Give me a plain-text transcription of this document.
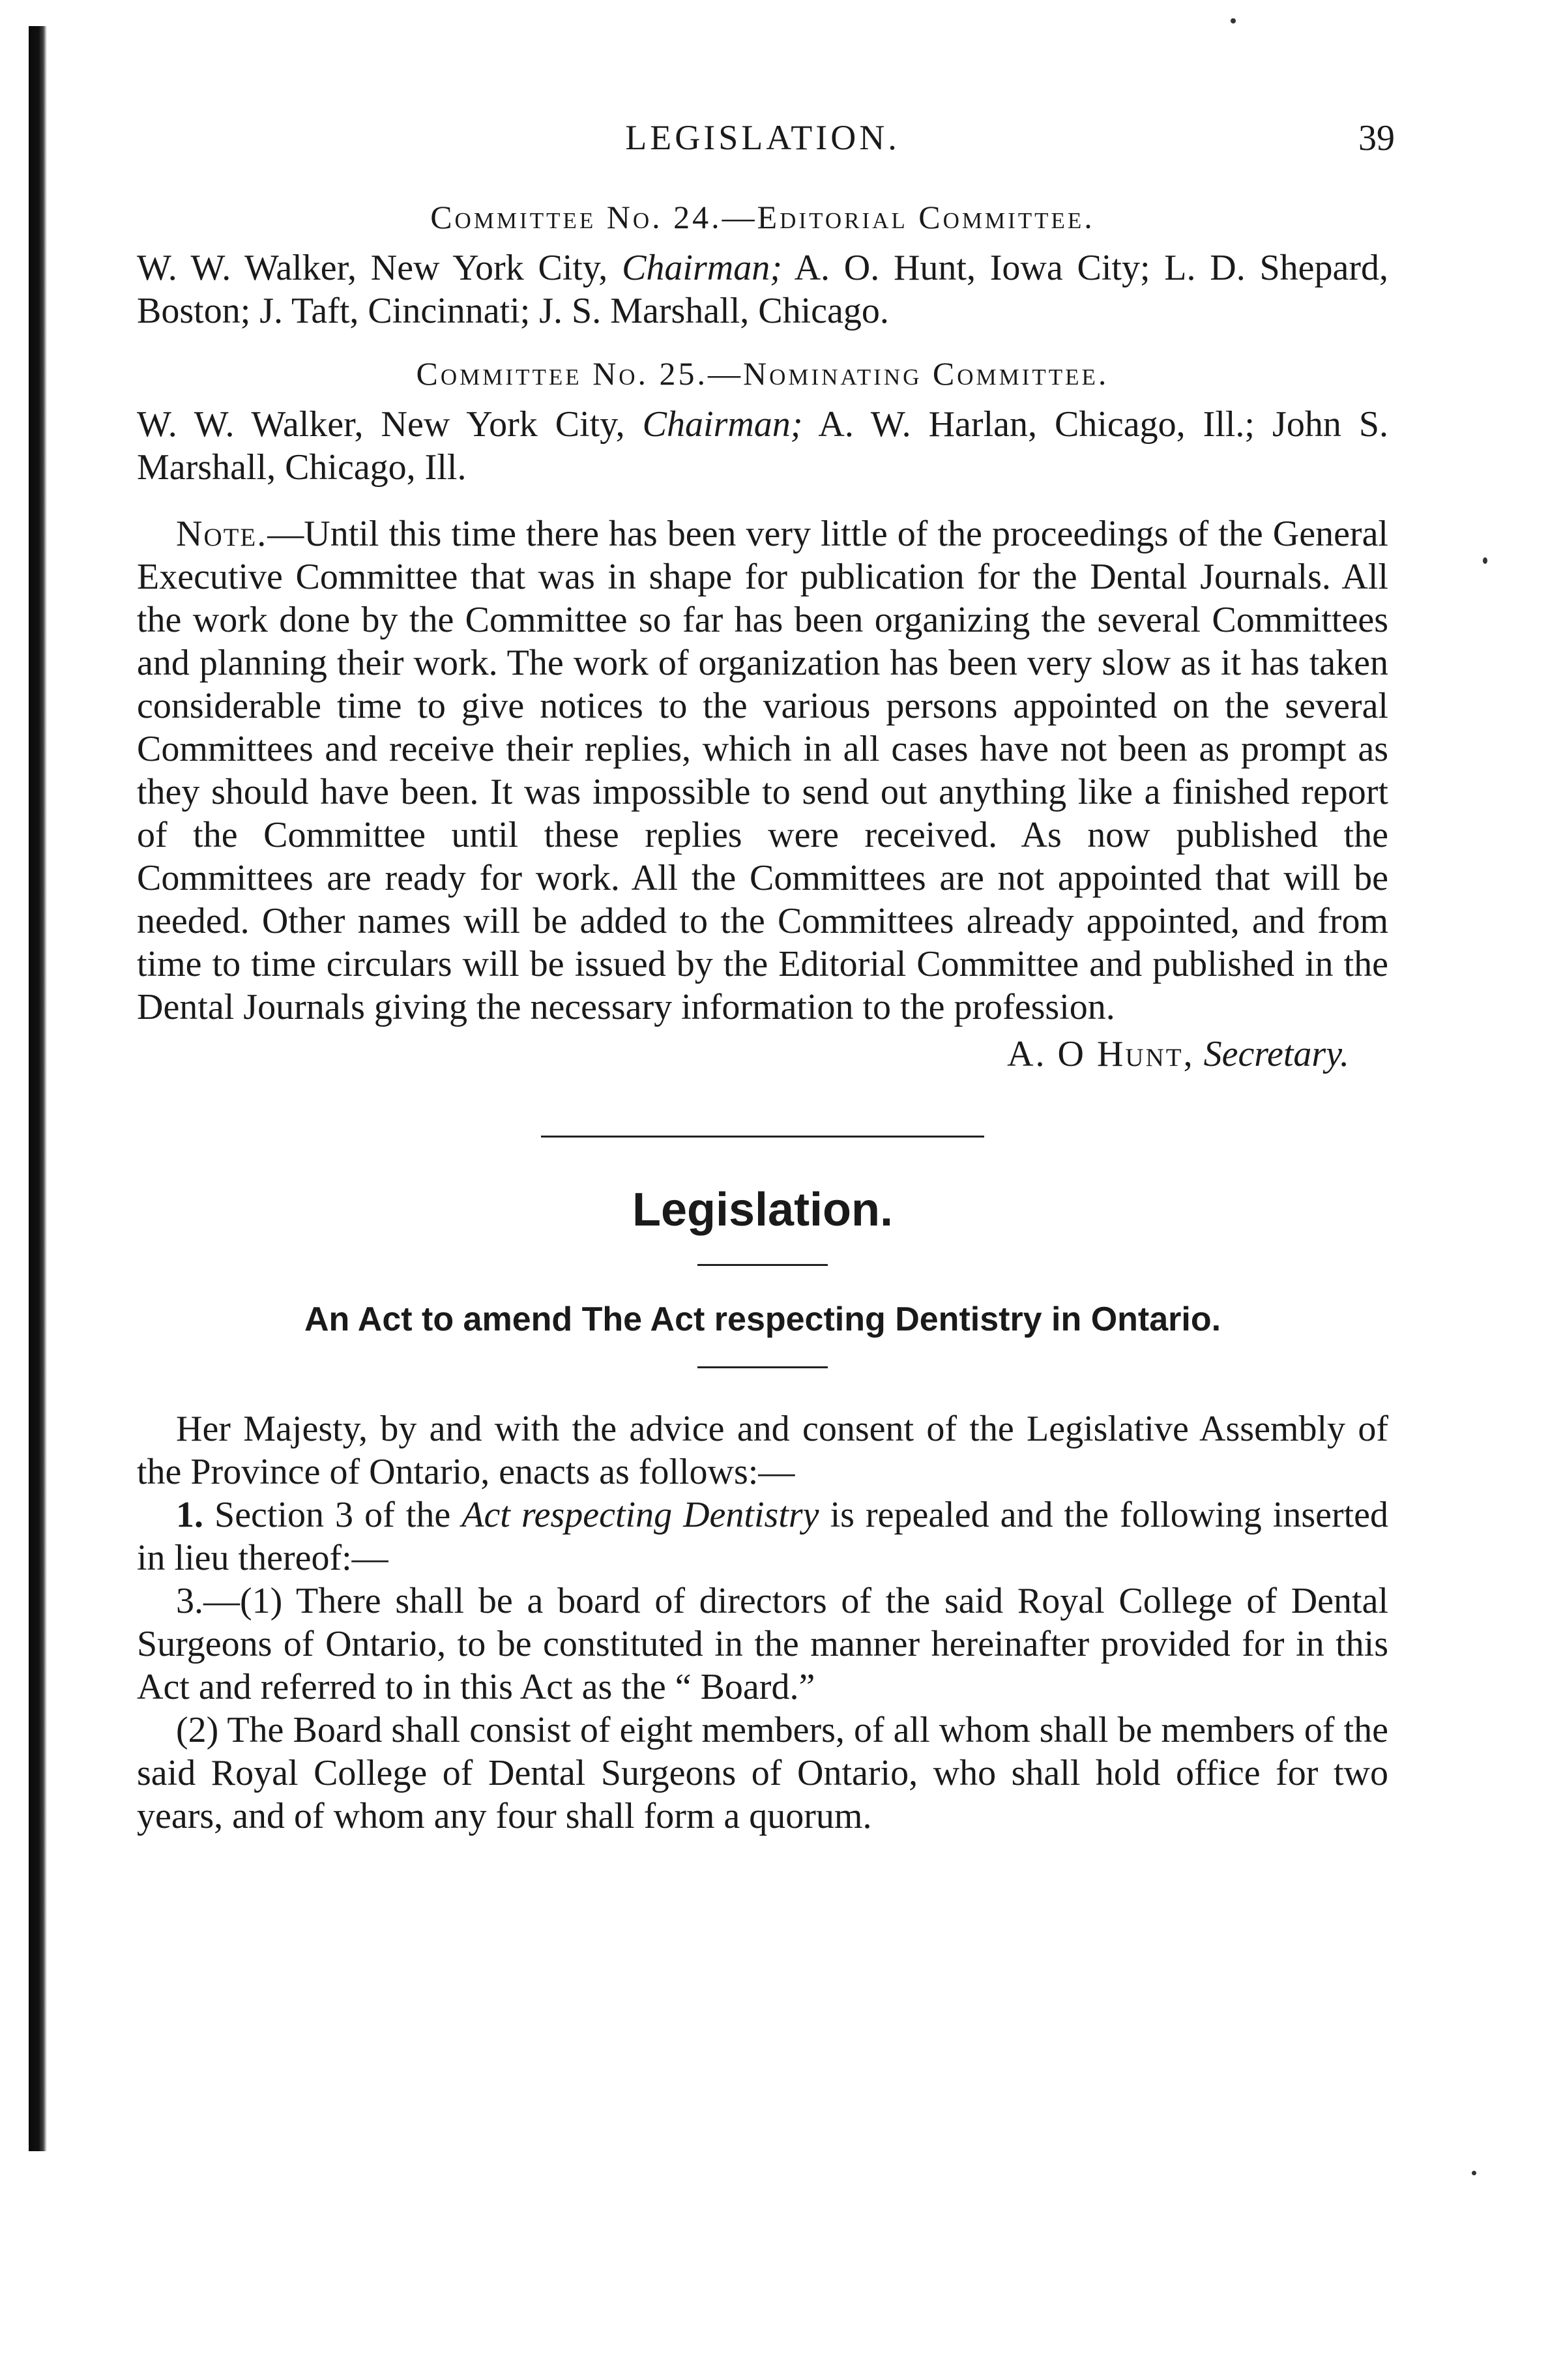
LEGISLATION.	39
Committee No. 24.—Editorial Committee.

W. W. Walker, New York City, Chairman; A. O. Hunt, Iowa City; L. D. Shepard, Boston; J. Taft, Cincinnati; J. S. Marshall, Chicago.

Committee No. 25.—Nominating Committee.

W. W. Walker, New York City, Chairman; A. W. Harlan, Chicago, Ill.; John S. Marshall, Chicago, Ill.

Note.—Until this time there has been very little of the proceedings of the General Executive Committee that was in shape for publication for the Dental Journals. All the work done by the Committee so far has been organizing the several Committees and planning their work. The work of organization has been very slow as it has taken considerable time to give notices to the various persons appointed on the several Committees and receive their replies, which in all cases have not been as prompt as they should have been. It was impossible to send out anything like a finished report of the Committee until these replies were received. As now published the Committees are ready for work. All the Committees are not appointed that will be needed. Other names will be added to the Committees already appointed, and from time to time circulars will be issued by the Editorial Committee and published in the Dental Journals giving the necessary information to the profession.

A. O Hunt, Secretary.
Legislation.
An Act to amend The Act respecting Dentistry in Ontario.

Her Majesty, by and with the advice and consent of the Legislative Assembly of the Province of Ontario, enacts as follows:—

1. Section 3 of the Act respecting Dentistry is repealed and the following inserted in lieu thereof:—

3.—(1) There shall be a board of directors of the said Royal College of Dental Surgeons of Ontario, to be constituted in the manner hereinafter provided for in this Act and referred to in this Act as the “ Board.”

(2) The Board shall consist of eight members, of all whom shall be members of the said Royal College of Dental Surgeons of Ontario, who shall hold office for two years, and of whom any four shall form a quorum.
